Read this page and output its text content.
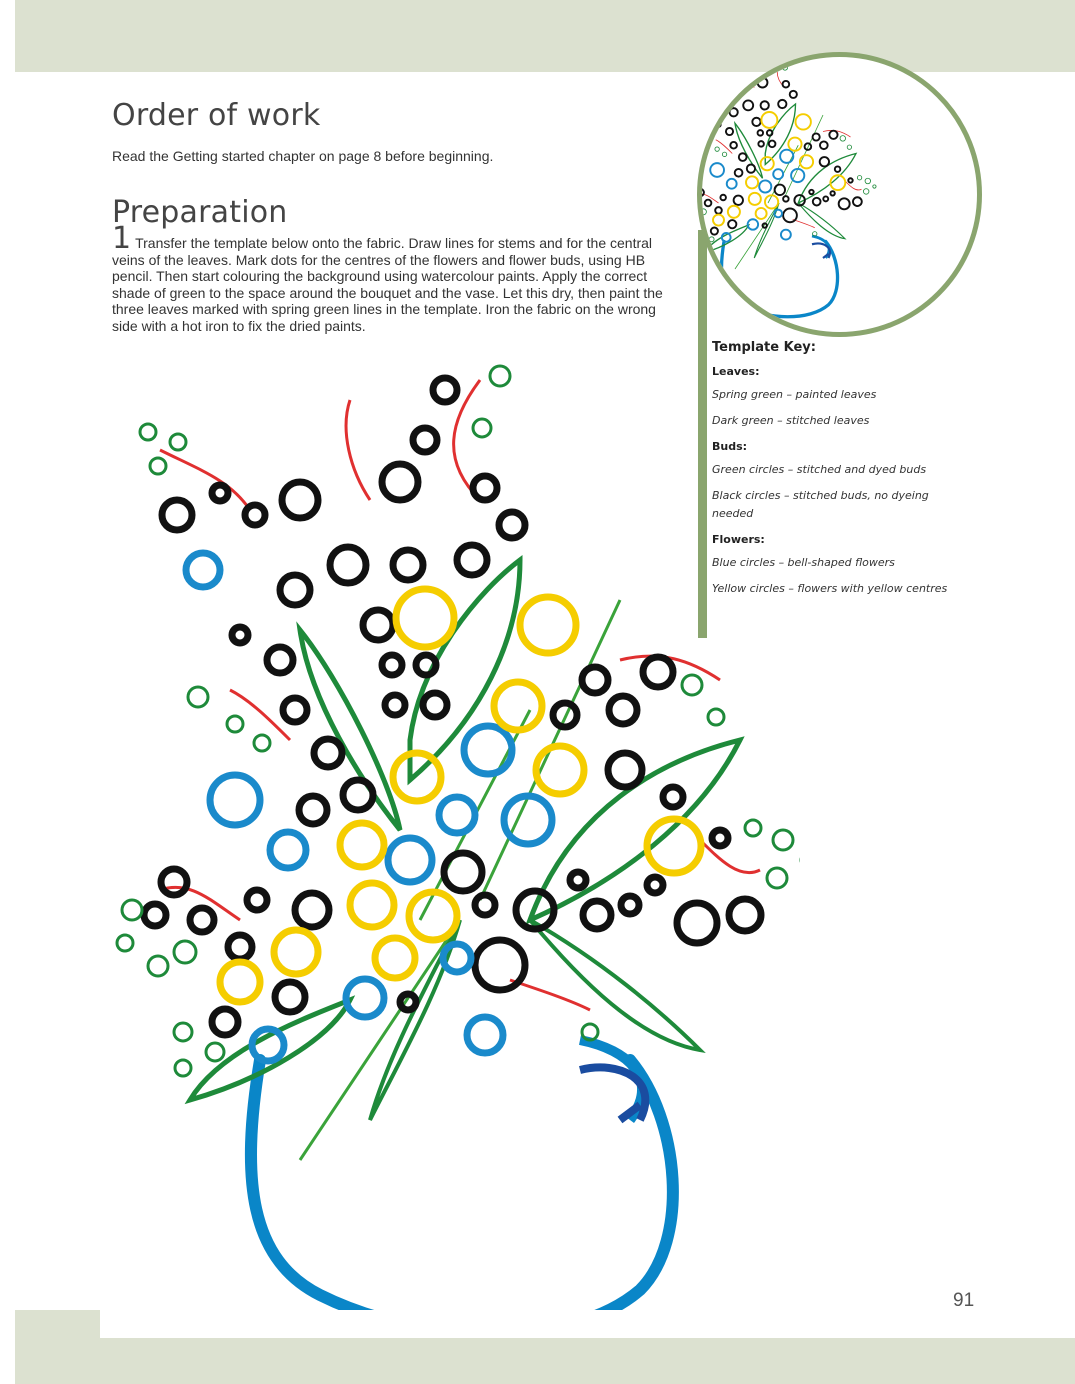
Order of work
Read the Getting started chapter on page 8 before beginning.
Preparation
1 Transfer the template below onto the fabric. Draw lines for stems and for the central veins of the leaves. Mark dots for the centres of the flowers and flower buds, using HB pencil. Then start colouring the background using watercolour paints. Apply the correct shade of green to the space around the bouquet and the vase. Let this dry, then paint the three leaves marked with spring green lines in the template. Iron the fabric on the wrong side with a hot iron to fix the dried paints.
Template Key:
Leaves:
Spring green – painted leaves
Dark green – stitched leaves
Buds:
Green circles – stitched and dyed buds
Black circles – stitched buds, no dyeing needed
Flowers:
Blue circles – bell-shaped flowers
Yellow circles – flowers with yellow centres
91
